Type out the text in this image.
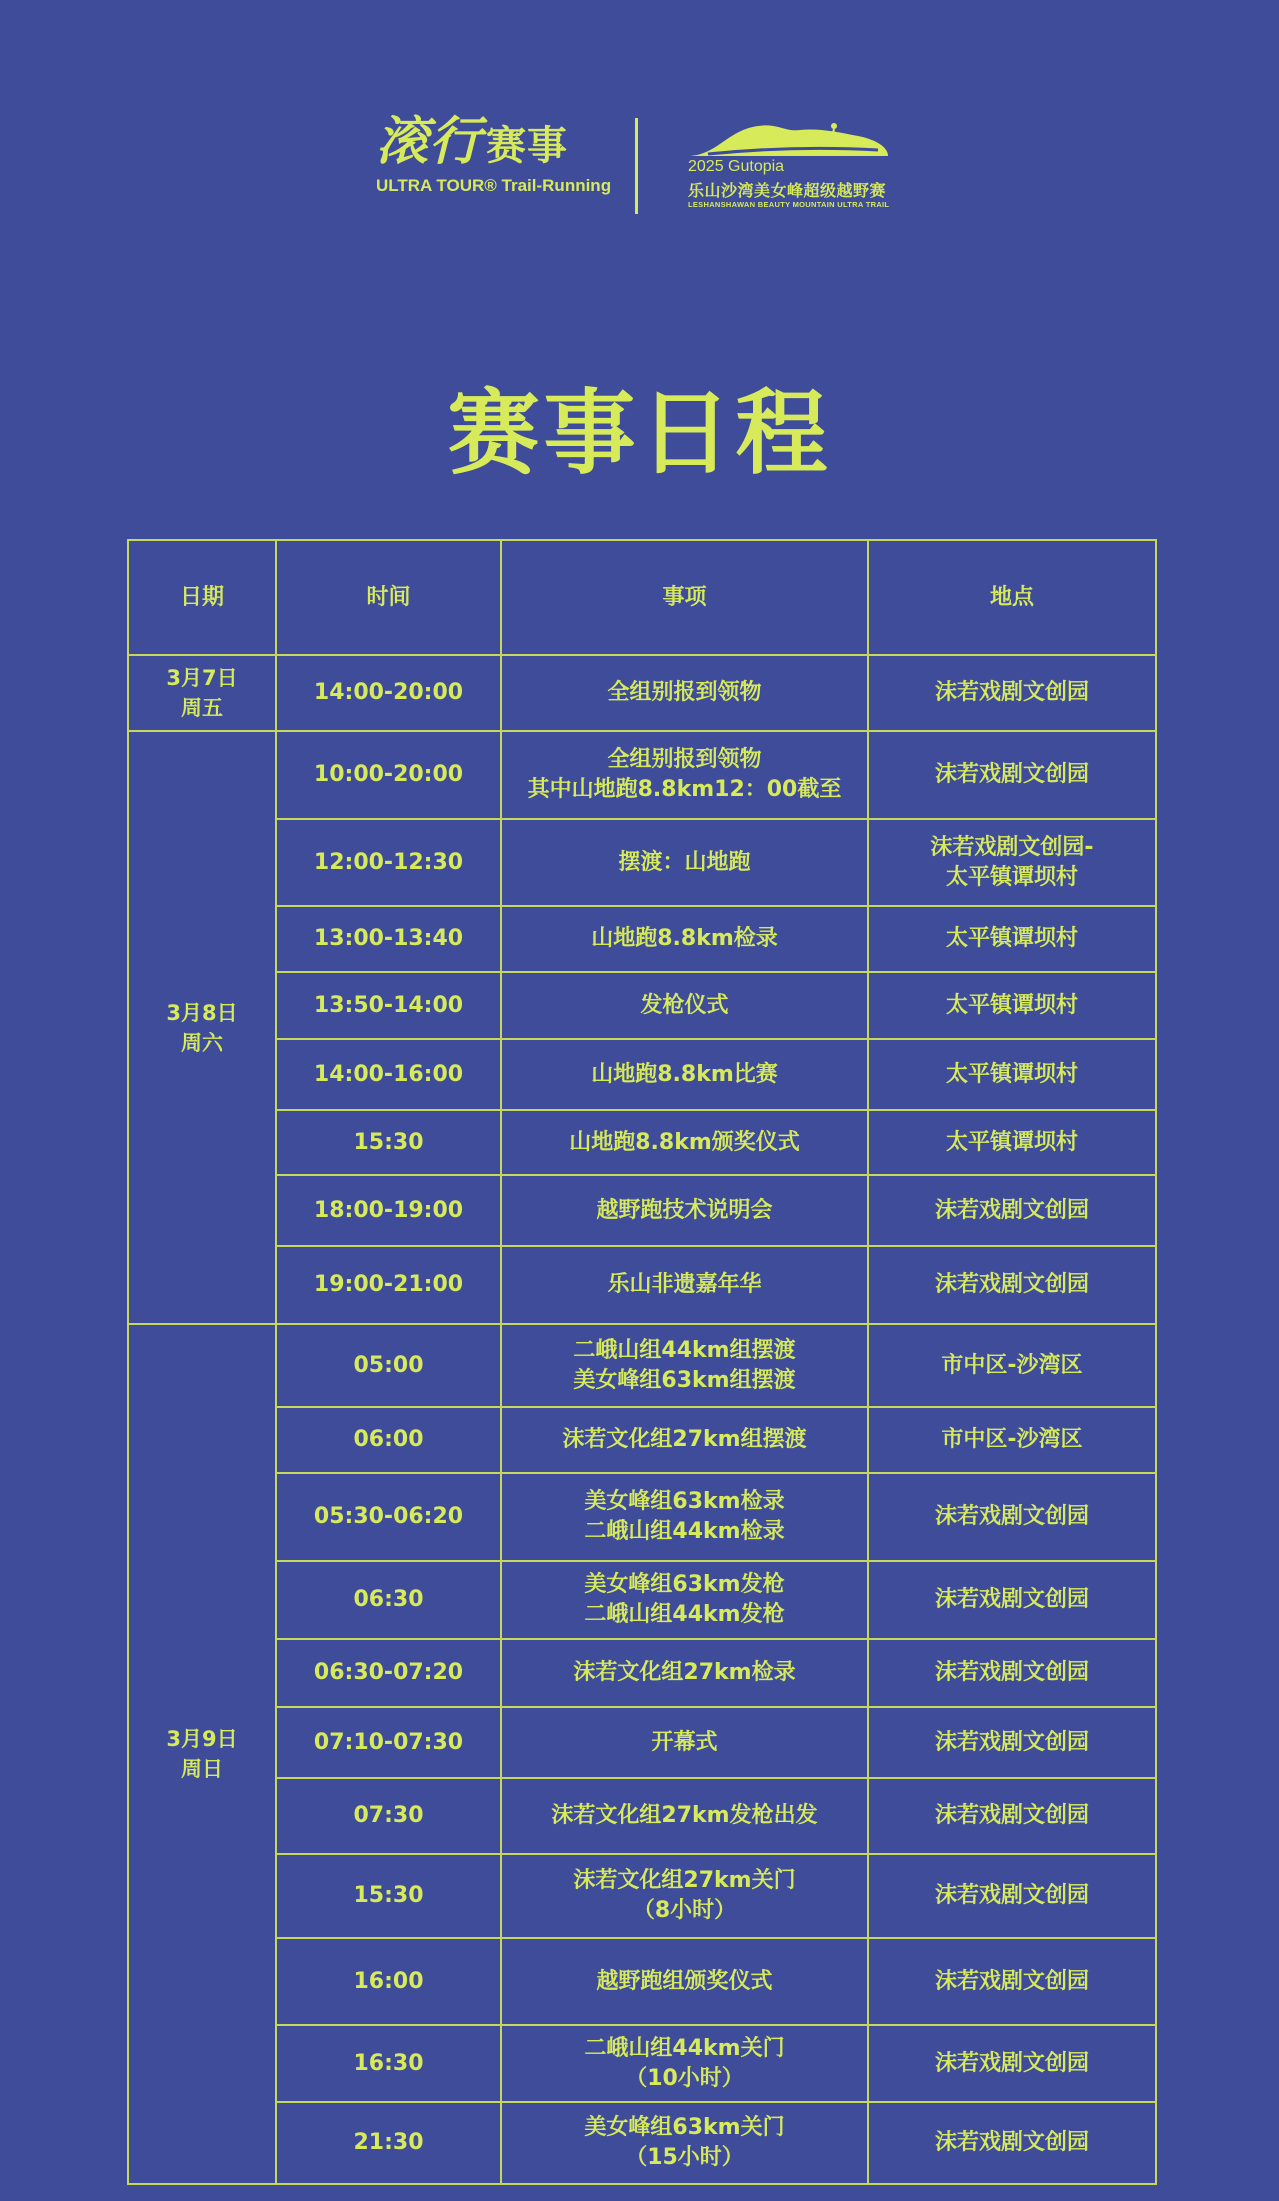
滚行 赛事
ULTRA TOUR® Trail-Running
2025 Gutopia
乐山沙湾美女峰超级越野赛
LESHANSHAWAN BEAUTY MOUNTAIN ULTRA TRAIL
赛事日程
日期	时间	事项	地点
3月7日
周五	14:00-20:00	全组别报到领物	沫若戏剧文创园
3月8日
周六	10:00-20:00	全组别报到领物
其中山地跑8.8km12：00截至	沫若戏剧文创园
	12:00-12:30	摆渡：山地跑	沫若戏剧文创园-
太平镇谭坝村
	13:00-13:40	山地跑8.8km检录	太平镇谭坝村
	13:50-14:00	发枪仪式	太平镇谭坝村
	14:00-16:00	山地跑8.8km比赛	太平镇谭坝村
	15:30	山地跑8.8km颁奖仪式	太平镇谭坝村
	18:00-19:00	越野跑技术说明会	沫若戏剧文创园
	19:00-21:00	乐山非遗嘉年华	沫若戏剧文创园
3月9日
周日	05:00	二峨山组44km组摆渡
美女峰组63km组摆渡	市中区-沙湾区
	06:00	沫若文化组27km组摆渡	市中区-沙湾区
	05:30-06:20	美女峰组63km检录
二峨山组44km检录	沫若戏剧文创园
	06:30	美女峰组63km发枪
二峨山组44km发枪	沫若戏剧文创园
	06:30-07:20	沫若文化组27km检录	沫若戏剧文创园
	07:10-07:30	开幕式	沫若戏剧文创园
	07:30	沫若文化组27km发枪出发	沫若戏剧文创园
	15:30	沫若文化组27km关门
（8小时）	沫若戏剧文创园
	16:00	越野跑组颁奖仪式	沫若戏剧文创园
	16:30	二峨山组44km关门
（10小时）	沫若戏剧文创园
	21:30	美女峰组63km关门
（15小时）	沫若戏剧文创园
